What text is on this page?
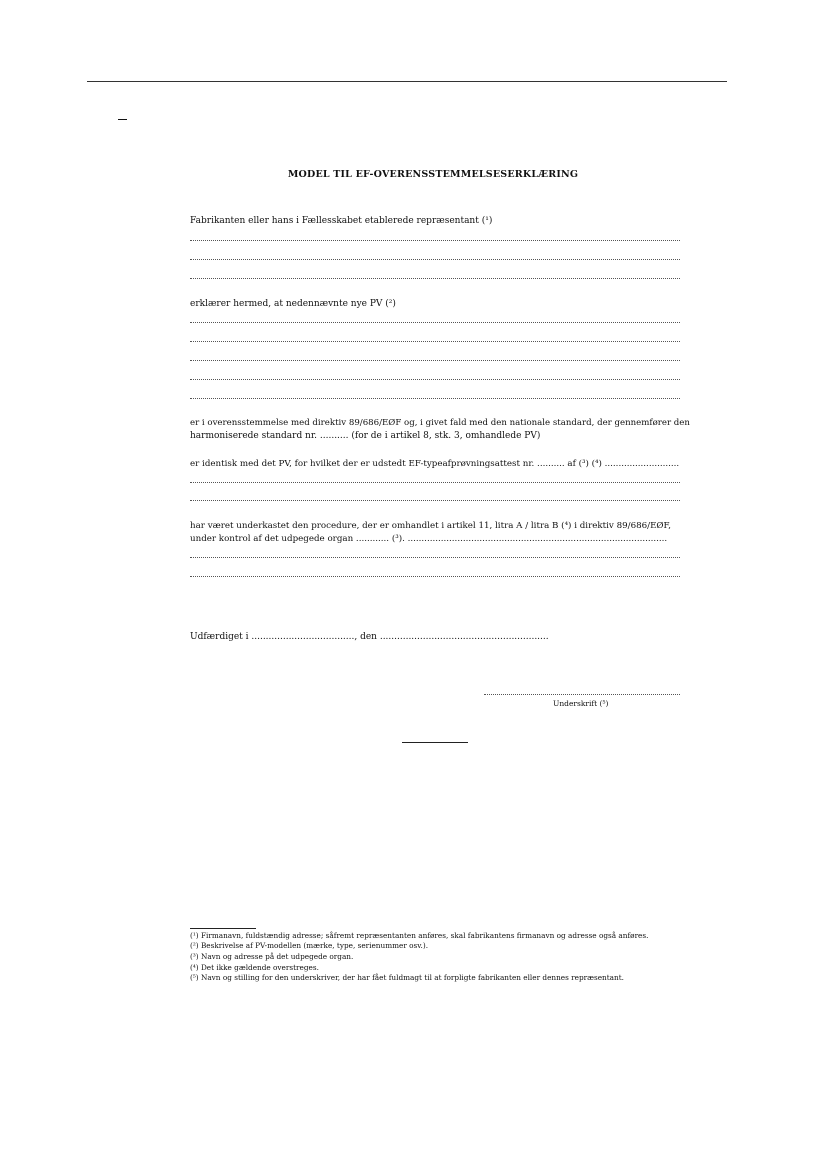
MODEL TIL EF-OVERENSSTEMMELSESERKLÆRING
Fabrikanten eller hans i Fællesskabet etablerede repræsentant (¹)
erklærer hermed, at nedennævnte nye PV (²)
er i overensstemmelse med direktiv 89/686/EØF og, i givet fald med den nationale standard, der gennemfører den
harmoniserede standard nr. .......... (for de i artikel 8, stk. 3, omhandlede PV)
er identisk med det PV, for hvilket der er udstedt EF-typeafprøvningsattest nr. .......... af (³) (⁴) ...........................
har været underkastet den procedure, der er omhandlet i artikel 11, litra A / litra B (⁴) i direktiv 89/686/EØF,
under kontrol af det udpegede organ ............ (³). ..............................................................................................
Udfærdiget i ...................................., den ...........................................................
Underskrift (⁵)
(¹) Firmanavn, fuldstændig adresse; såfremt repræsentanten anføres, skal fabrikantens firmanavn og adresse også anføres.
(²) Beskrivelse af PV-modellen (mærke, type, serienummer osv.).
(³) Navn og adresse på det udpegede organ.
(⁴) Det ikke gældende overstreges.
(⁵) Navn og stilling for den underskriver, der har fået fuldmagt til at forpligte fabrikanten eller dennes repræsentant.
